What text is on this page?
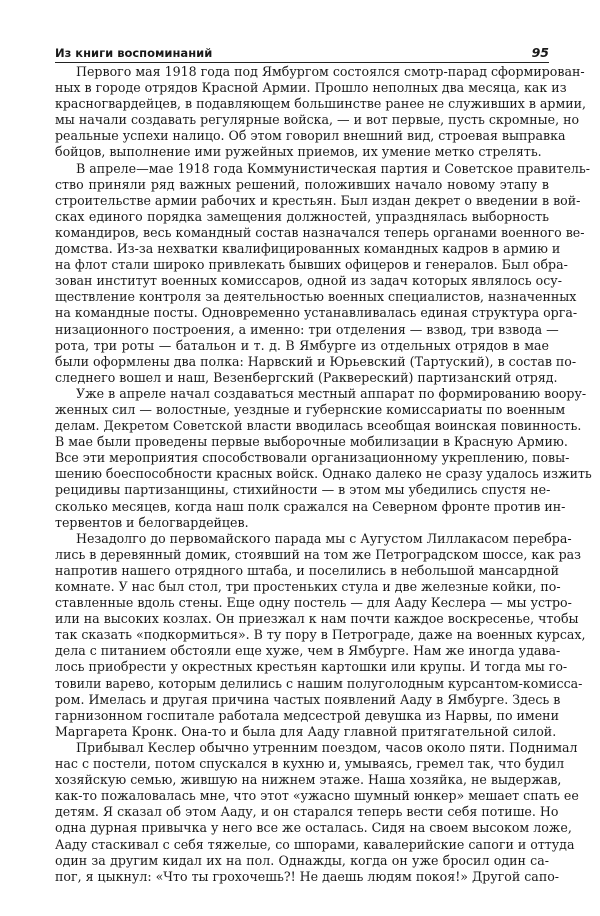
Из книги воспоминаний	95
Первого мая 1918 года под Ямбургом состоялся смотр-парад сформирован-
ных в городе отрядов Красной Армии. Прошло неполных два месяца, как из
красногвардейцев, в подавляющем большинстве ранее не служивших в армии,
мы начали создавать регулярные войска, — и вот первые, пусть скромные, но
реальные успехи налицо. Об этом говорил внешний вид, строевая выправка
бойцов, выполнение ими ружейных приемов, их умение метко стрелять.
В апреле—мае 1918 года Коммунистическая партия и Советское правитель-
ство приняли ряд важных решений, положивших начало новому этапу в
строительстве армии рабочих и крестьян. Был издан декрет о введении в вой-
сках единого порядка замещения должностей, упразднялась выборность
командиров, весь командный состав назначался теперь органами военного ве-
домства. Из-за нехватки квалифицированных командных кадров в армию и
на флот стали широко привлекать бывших офицеров и генералов. Был обра-
зован институт военных комиссаров, одной из задач которых являлось осу-
ществление контроля за деятельностью военных специалистов, назначенных
на командные посты. Одновременно устанавливалась единая структура орга-
низационного построения, а именно: три отделения — взвод, три взвода —
рота, три роты — батальон и т. д. В Ямбурге из отдельных отрядов в мае
были оформлены два полка: Нарвский и Юрьевский (Тартуский), в состав по-
следнего вошел и наш, Везенбергский (Раквереский) партизанский отряд.
Уже в апреле начал создаваться местный аппарат по формированию воору-
женных сил — волостные, уездные и губернские комиссариаты по военным
делам. Декретом Советской власти вводилась всеобщая воинская повинность.
В мае были проведены первые выборочные мобилизации в Красную Армию.
Все эти мероприятия способствовали организационному укреплению, повы-
шению боеспособности красных войск. Однако далеко не сразу удалось изжить
рецидивы партизанщины, стихийности — в этом мы убедились спустя не-
сколько месяцев, когда наш полк сражался на Северном фронте против ин-
тервентов и белогвардейцев.
Незадолго до первомайского парада мы с Аугустом Лиллакасом перебра-
лись в деревянный домик, стоявший на том же Петроградском шоссе, как раз
напротив нашего отрядного штаба, и поселились в небольшой мансардной
комнате. У нас был стол, три простеньких стула и две железные койки, по-
ставленные вдоль стены. Еще одну постель — для Ааду Кеслера — мы устро-
или на высоких козлах. Он приезжал к нам почти каждое воскресенье, чтобы
так сказать «подкормиться». В ту пору в Петрограде, даже на военных курсах,
дела с питанием обстояли еще хуже, чем в Ямбурге. Нам же иногда удава-
лось приобрести у окрестных крестьян картошки или крупы. И тогда мы го-
товили варево, которым делились с нашим полуголодным курсантом-комисса-
ром. Имелась и другая причина частых появлений Ааду в Ямбурге. Здесь в
гарнизонном госпитале работала медсестрой девушка из Нарвы, по имени
Маргарета Кронк. Она-то и была для Ааду главной притягательной силой.
Прибывал Кеслер обычно утренним поездом, часов около пяти. Поднимал
нас с постели, потом спускался в кухню и, умываясь, гремел так, что будил
хозяйскую семью, жившую на нижнем этаже. Наша хозяйка, не выдержав,
как-то пожаловалась мне, что этот «ужасно шумный юнкер» мешает спать ее
детям. Я сказал об этом Ааду, и он старался теперь вести себя потише. Но
одна дурная привычка у него все же осталась. Сидя на своем высоком ложе,
Ааду стаскивал с себя тяжелые, со шпорами, кавалерийские сапоги и оттуда
один за другим кидал их на пол. Однажды, когда он уже бросил один са-
пог, я цыкнул: «Что ты грохочешь?! Не даешь людям покоя!» Другой сапо-
